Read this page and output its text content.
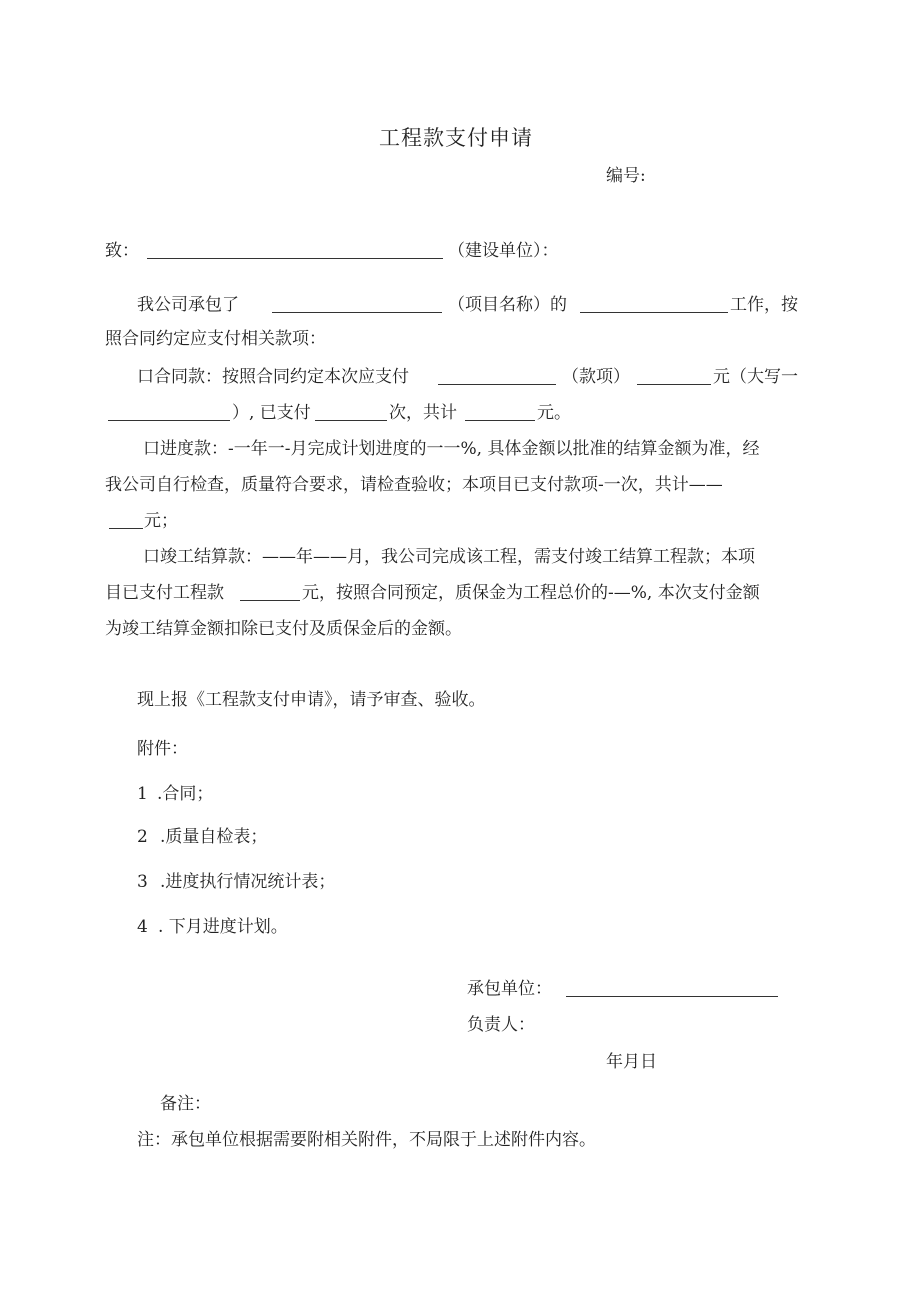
工程款支付申请
编号:
致：	（建设单位）：
我公司承包了	（项目名称）的	工作，按
照合同约定应支付相关款项：
口合同款：按照合同约定本次应支付	（款项）	元（大写一
）, 已支付	次，共计	元。
口进度款：-一年一-月完成计划进度的一一%, 具体金额以批准的结算金额为准，经
我公司自行检查，质量符合要求，请检查验收；本项目已支付款项-一次，共计——
元；
口竣工结算款：——年——月，我公司完成该工程，需支付竣工结算工程款；本项
目已支付工程款	元，按照合同预定，质保金为工程总价的-—%, 本次支付金额
为竣工结算金额扣除已支付及质保金后的金额。
现上报《工程款支付申请》，请予审查、验收。
附件：
1 .合同；
2 .质量自检表；
3 .进度执行情况统计表；
4 . 下月进度计划。
承包单位：
负责人：
年月日
备注：
注：承包单位根据需要附相关附件，不局限于上述附件内容。
